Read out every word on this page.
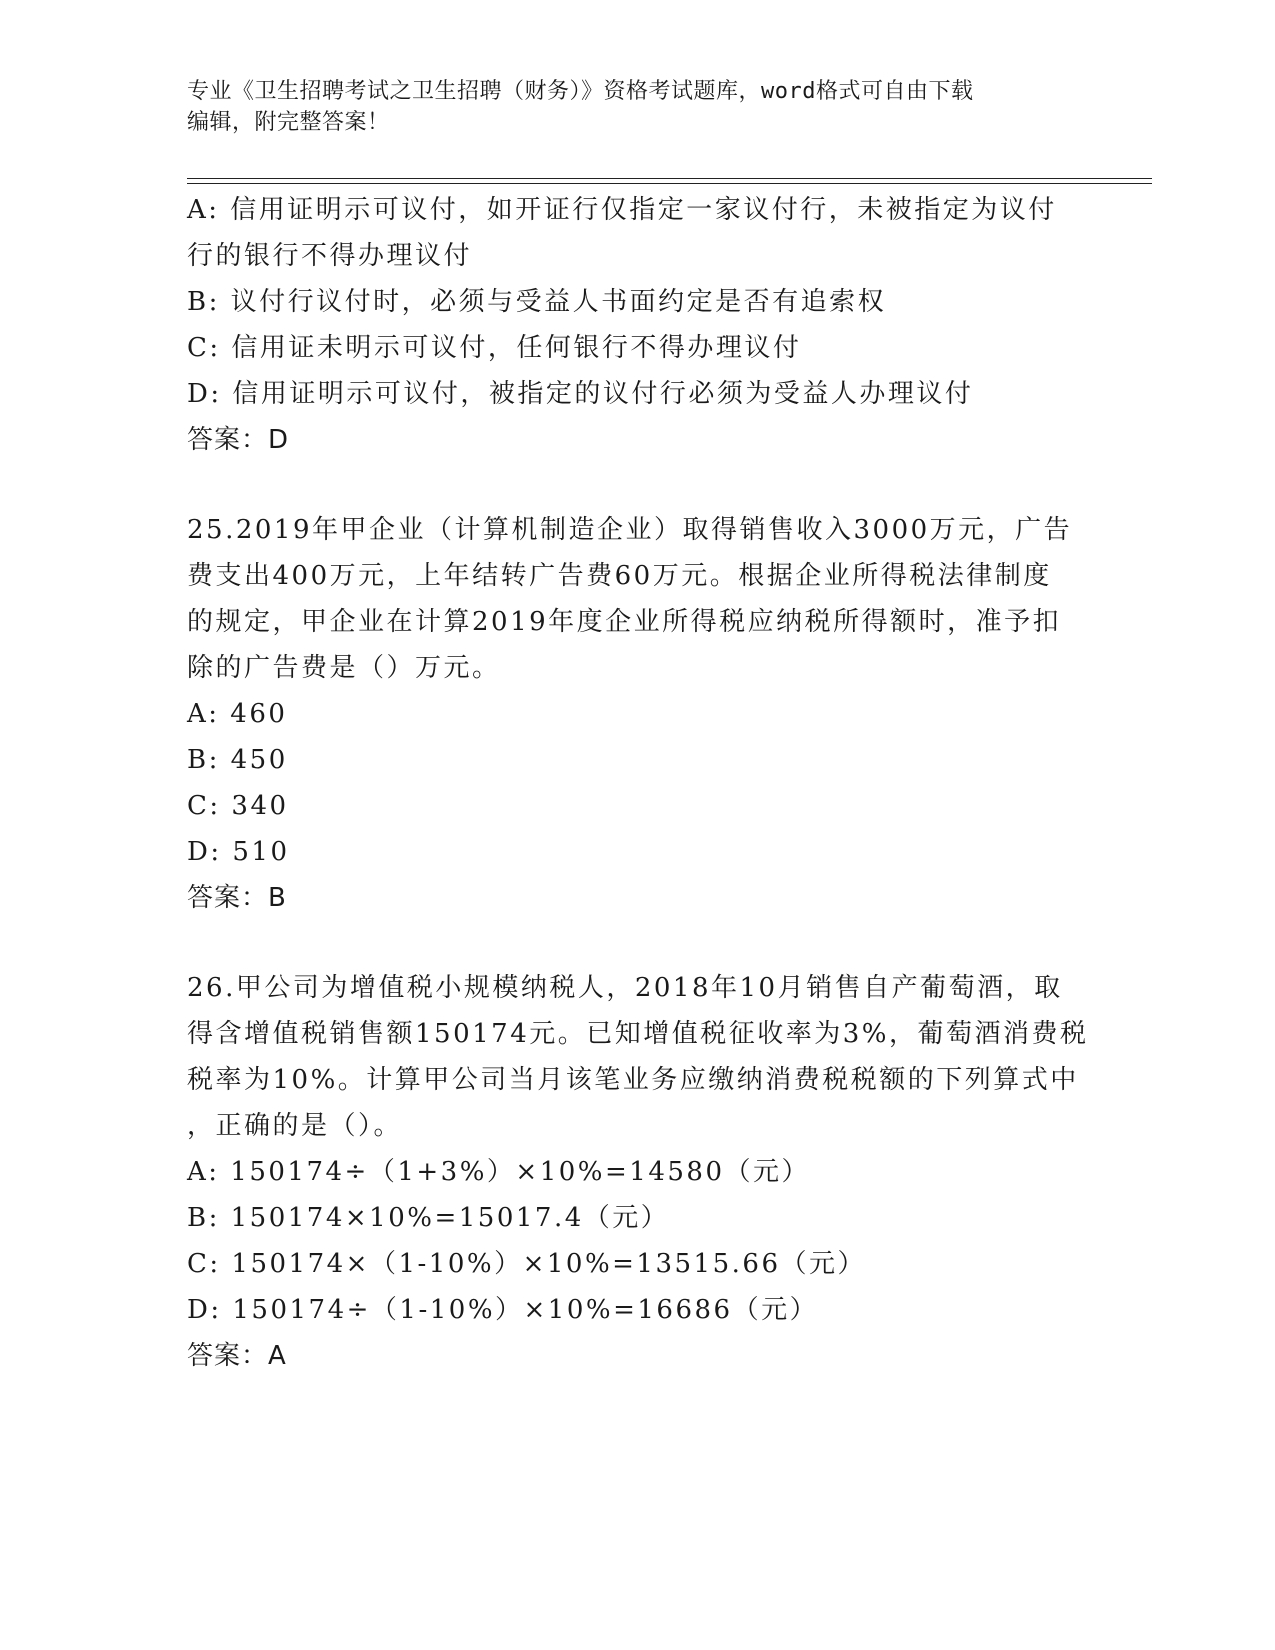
专业《卫生招聘考试之卫生招聘（财务）》资格考试题库，word格式可自由下载
编辑，附完整答案！
A: 信用证明示可议付，如开证行仅指定一家议付行，未被指定为议付
行的银行不得办理议付
B: 议付行议付时，必须与受益人书面约定是否有追索权
C: 信用证未明示可议付，任何银行不得办理议付
D: 信用证明示可议付，被指定的议付行必须为受益人办理议付
答案：D
25.2019年甲企业（计算机制造企业）取得销售收入3000万元，广告
费支出400万元，上年结转广告费60万元。根据企业所得税法律制度
的规定，甲企业在计算2019年度企业所得税应纳税所得额时，准予扣
除的广告费是（）万元。
A: 460
B: 450
C: 340
D: 510
答案：B
26.甲公司为增值税小规模纳税人，2018年10月销售自产葡萄酒，取
得含增值税销售额150174元。已知增值税征收率为3%，葡萄酒消费税
税率为10%。计算甲公司当月该笔业务应缴纳消费税税额的下列算式中
，正确的是（）。
A: 150174÷（1+3%）×10%=14580（元）
B: 150174×10%=15017.4（元）
C: 150174×（1-10%）×10%=13515.66（元）
D: 150174÷（1-10%）×10%=16686（元）
答案：A
